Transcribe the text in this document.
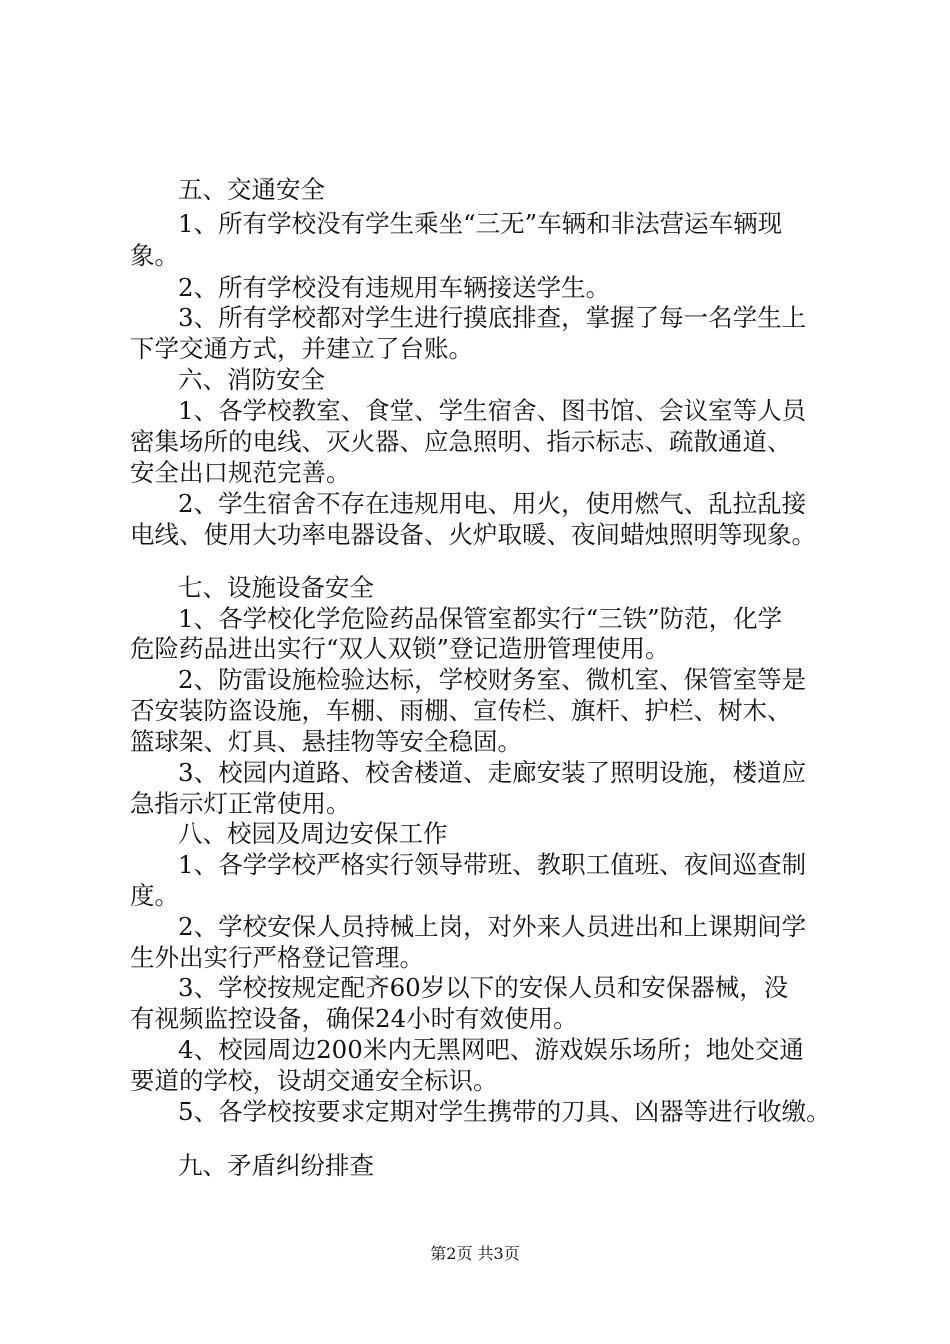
五、交通安全
1、所有学校没有学生乘坐“三无”车辆和非法营运车辆现
象。
2、所有学校没有违规用车辆接送学生。
3、所有学校都对学生进行摸底排查，掌握了每一名学生上
下学交通方式，并建立了台账。
六、消防安全
1、各学校教室、食堂、学生宿舍、图书馆、会议室等人员
密集场所的电线、灭火器、应急照明、指示标志、疏散通道、
安全出口规范完善。
2、学生宿舍不存在违规用电、用火，使用燃气、乱拉乱接
电线、使用大功率电器设备、火炉取暖、夜间蜡烛照明等现象。
七、设施设备安全
1、各学校化学危险药品保管室都实行“三铁”防范，化学
危险药品进出实行“双人双锁”登记造册管理使用。
2、防雷设施检验达标，学校财务室、微机室、保管室等是
否安装防盗设施，车棚、雨棚、宣传栏、旗杆、护栏、树木、
篮球架、灯具、悬挂物等安全稳固。
3、校园内道路、校舍楼道、走廊安装了照明设施，楼道应
急指示灯正常使用。
八、校园及周边安保工作
1、各学学校严格实行领导带班、教职工值班、夜间巡查制
度。
2、学校安保人员持械上岗，对外来人员进出和上课期间学
生外出实行严格登记管理。
3、学校按规定配齐60岁以下的安保人员和安保器械，没
有视频监控设备，确保24小时有效使用。
4、校园周边200米内无黑网吧、游戏娱乐场所；地处交通
要道的学校，设胡交通安全标识。
5、各学校按要求定期对学生携带的刀具、凶器等进行收缴。
九、矛盾纠纷排查
第2页 共3页
